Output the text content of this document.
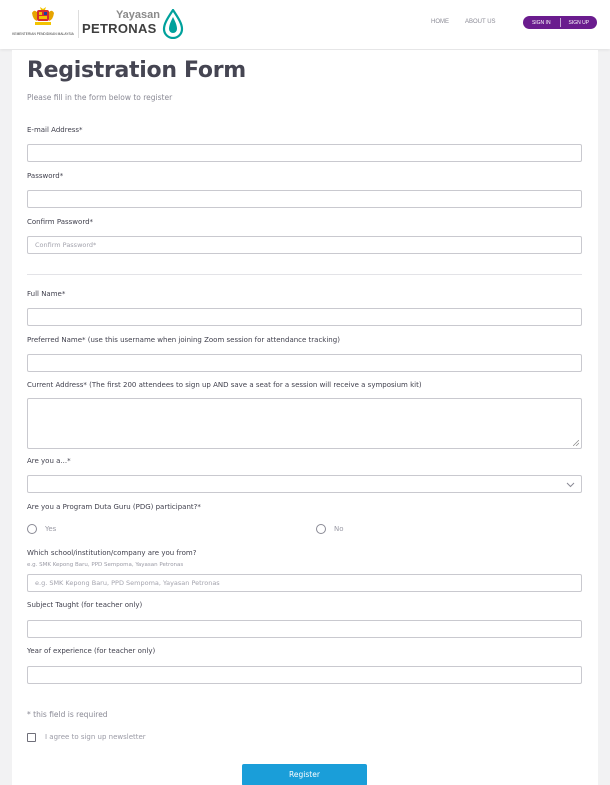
KEMENTERIAN PENDIDIKAN MALAYSIA
Yayasan
PETRONAS	HOME	ABOUT US	SIGN IN	SIGN UP
Registration Form
Please fill in the form below to register
E-mail Address*
Password*
Confirm Password*
Full Name*
Preferred Name* (use this username when joining Zoom session for attendance tracking)
Current Address* (The first 200 attendees to sign up AND save a seat for a session will receive a symposium kit)
Are you a...*
Are you a Program Duta Guru (PDG) participant?*
Yes	No
Which school/institution/company are you from?
e.g. SMK Kepong Baru, PPD Sempoma, Yayasan Petronas
e.g. SMK Kepong Baru, PPD Sempoma, Yayasan Petronas
Subject Taught (for teacher only)
Year of experience (for teacher only)
* this field is required
I agree to sign up newsletter
Register
